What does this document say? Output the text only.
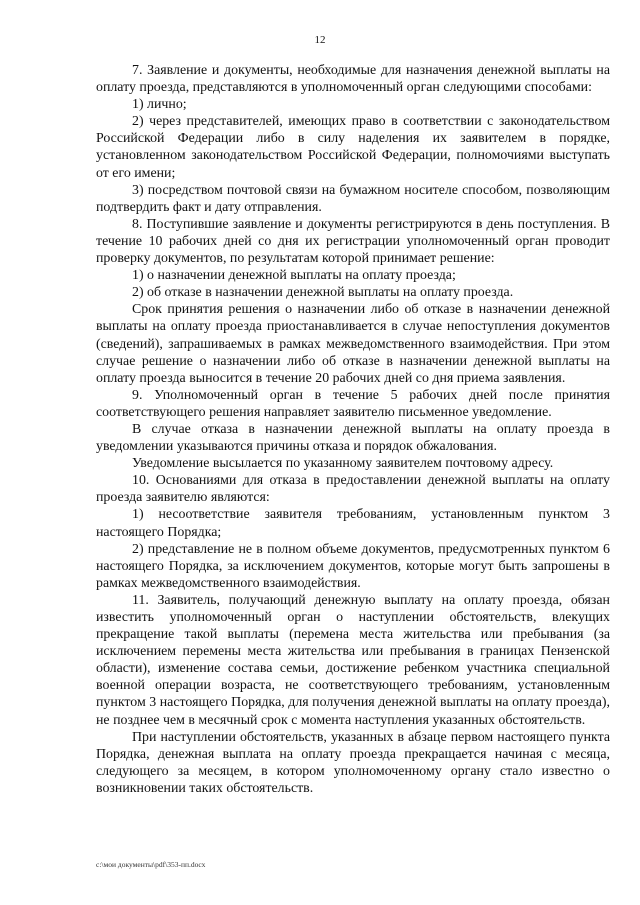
12

7. Заявление и документы, необходимые для назначения денежной выплаты на оплату проезда, представляются в уполномоченный орган следующими способами:

1) лично;

2) через представителей, имеющих право в соответствии с законодательством Российской Федерации либо в силу наделения их заявителем в порядке, установленном законодательством Российской Федерации, полномочиями выступать от его имени;

3) посредством почтовой связи на бумажном носителе способом, позволяющим подтвердить факт и дату отправления.

8. Поступившие заявление и документы регистрируются в день поступления. В течение 10 рабочих дней со дня их регистрации уполномоченный орган проводит проверку документов, по результатам которой принимает решение:

1) о назначении денежной выплаты на оплату проезда;

2) об отказе в назначении денежной выплаты на оплату проезда.

Срок принятия решения о назначении либо об отказе в назначении денежной выплаты на оплату проезда приостанавливается в случае непоступления документов (сведений), запрашиваемых в рамках межведомственного взаимодействия. При этом случае решение о назначении либо об отказе в назначении денежной выплаты на оплату проезда выносится в течение 20 рабочих дней со дня приема заявления.

9. Уполномоченный орган в течение 5 рабочих дней после принятия соответствующего решения направляет заявителю письменное уведомление.

В случае отказа в назначении денежной выплаты на оплату проезда в уведомлении указываются причины отказа и порядок обжалования.

Уведомление высылается по указанному заявителем почтовому адресу.

10. Основаниями для отказа в предоставлении денежной выплаты на оплату проезда заявителю являются:

1) несоответствие заявителя требованиям, установленным пунктом 3 настоящего Порядка;

2) представление не в полном объеме документов, предусмотренных пунктом 6 настоящего Порядка, за исключением документов, которые могут быть запрошены в рамках межведомственного взаимодействия.

11. Заявитель, получающий денежную выплату на оплату проезда, обязан известить уполномоченный орган о наступлении обстоятельств, влекущих прекращение такой выплаты (перемена места жительства или пребывания (за исключением перемены места жительства или пребывания в границах Пензенской области), изменение состава семьи, достижение ребенком участника специальной военной операции возраста, не соответствующего требованиям, установленным пунктом 3 настоящего Порядка, для получения денежной выплаты на оплату проезда), не позднее чем в месячный срок с момента наступления указанных обстоятельств.

При наступлении обстоятельств, указанных в абзаце первом настоящего пункта Порядка, денежная выплата на оплату проезда прекращается начиная с месяца, следующего за месяцем, в котором уполномоченному органу стало известно о возникновении таких обстоятельств.

c:\мои документы\pdf\353-пп.docx
